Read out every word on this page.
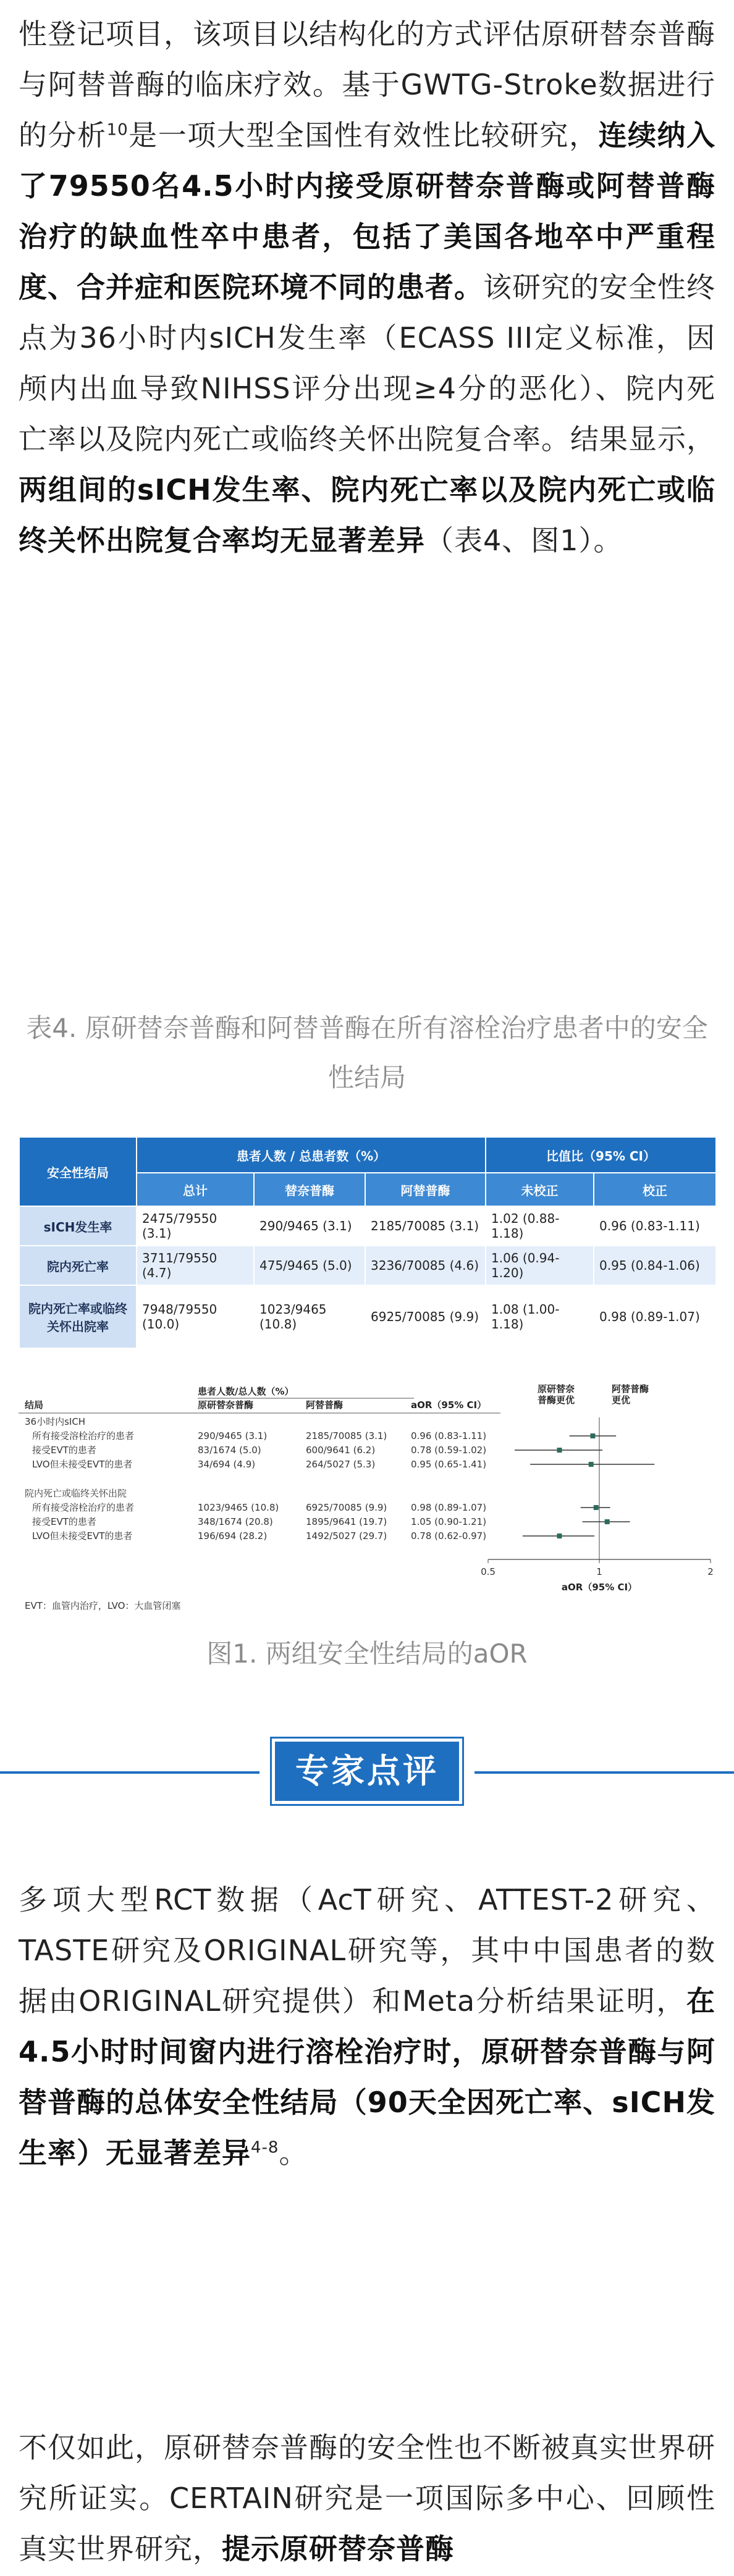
性登记项目，该项目以结构化的方式评估原研替奈普酶与阿替普酶的临床疗效。基于GWTG-Stroke数据进行的分析$^{10}$是一项大型全国性有效性比较研究，连续纳入了79550名4.5小时内接受原研替奈普酶或阿替普酶治疗的缺血性卒中患者，包括了美国各地卒中严重程度、合并症和医院环境不同的患者。该研究的安全性终点为36小时内sICH发生率（ECASS III定义标准，因颅内出血导致NIHSS评分出现≥4分的恶化）、院内死亡率以及院内死亡或临终关怀出院复合率。结果显示，两组间的sICH发生率、院内死亡率以及院内死亡或临终关怀出院复合率均无显著差异（表4、图1）。

表4. 原研替奈普酶和阿替普酶在所有溶栓治疗患者中的安全性结局

安全性结局	患者人数 / 总患者数（%）			比值比（95% CI）	
	总计	替奈普酶	阿替普酶	未校正	校正
sICH发生率	2475/79550 (3.1)	290/9465 (3.1)	2185/70085 (3.1)	1.02 (0.88-1.18)	0.96 (0.83-1.11)
院内死亡率	3711/79550 (4.7)	475/9465 (5.0)	3236/70085 (4.6)	1.06 (0.94-1.20)	0.95 (0.84-1.06)
院内死亡率或临终关怀出院率	7948/79550 (10.0)	1023/9465 (10.8)	6925/70085 (9.9)	1.08 (1.00-1.18)	0.98 (0.89-1.07)
患者人数/总人数（%）
结局	原研替奈普酶	阿替普酶	aOR（95% CI）
原研替奈
普酶更优
阿替普酶
更优
36小时内sICH
院内死亡或临终关怀出院
所有接受溶栓治疗的患者	290/9465 (3.1)	2185/70085 (3.1)	0.96 (0.83-1.11)
接受EVT的患者	83/1674 (5.0)	600/9641 (6.2)	0.78 (0.59-1.02)
LVO但未接受EVT的患者	34/694 (4.9)	264/5027 (5.3)	0.95 (0.65-1.41)
所有接受溶栓治疗的患者	1023/9465 (10.8)	6925/70085 (9.9)	0.98 (0.89-1.07)
接受EVT的患者	348/1674 (20.8)	1895/9641 (19.7)	1.05 (0.90-1.21)
LVO但未接受EVT的患者	196/694 (28.2)	1492/5027 (29.7)	0.78 (0.62-0.97)
0.5	1	2
aOR（95% CI）
EVT：血管内治疗，LVO：大血管闭塞

图1. 两组安全性结局的aOR

专家点评

多项大型RCT数据（AcT研究、ATTEST-2研究、TASTE研究及ORIGINAL研究等，其中中国患者的数据由ORIGINAL研究提供）和Meta分析结果证明，在4.5小时时间窗内进行溶栓治疗时，原研替奈普酶与阿替普酶的总体安全性结局（90天全因死亡率、sICH发生率）无显著差异$^{4-8}$。

不仅如此，原研替奈普酶的安全性也不断被真实世界研究所证实。CERTAIN研究是一项国际多中心、回顾性真实世界研究，提示原研替奈普酶
